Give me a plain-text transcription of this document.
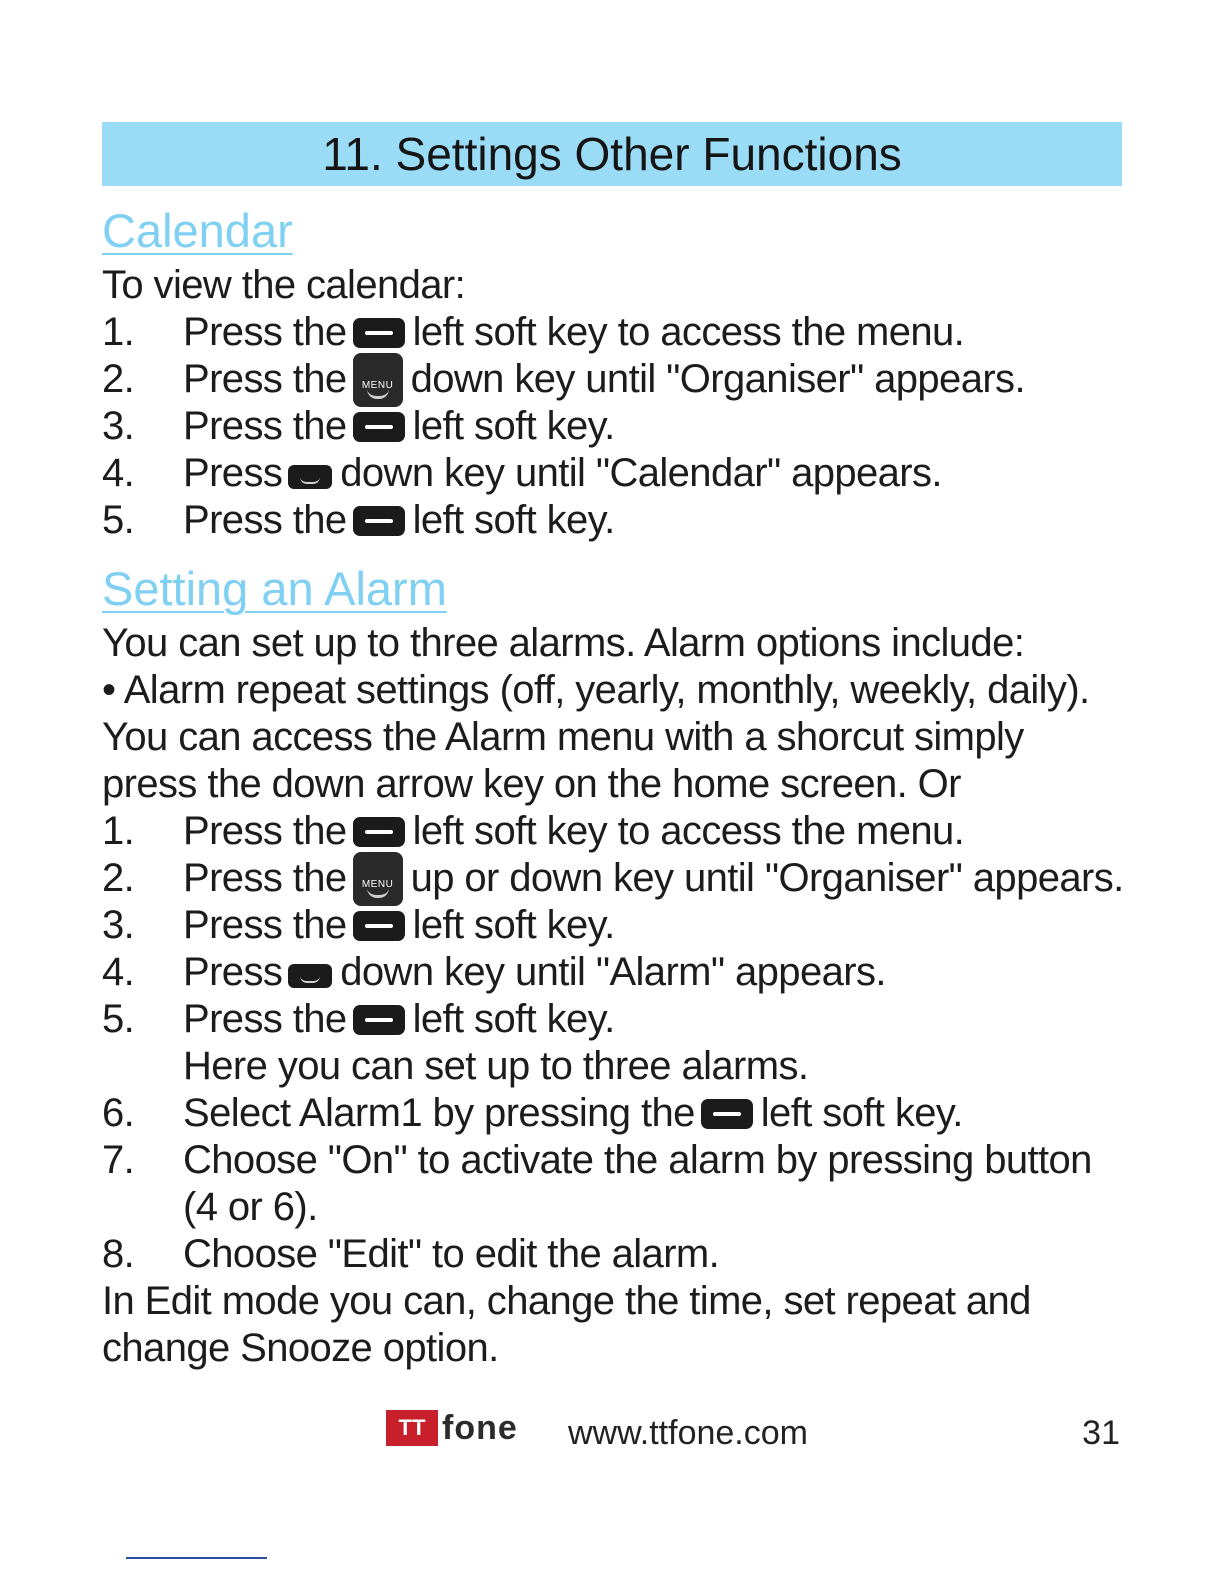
11. Settings Other Functions
Calendar
To view the calendar:
1.	Press the left soft key to access the menu.
2.	Press the	MENU down key until "Organiser" appears.
3.	Press the left soft key.
4.	Press down key until "Calendar" appears.
5.	Press the left soft key.
Setting an Alarm
You can set up to three alarms. Alarm options include:
• Alarm repeat settings (off, yearly, monthly, weekly, daily).
You can access the Alarm menu with a shorcut simply
press the down arrow key on the home screen. Or
1.	Press the left soft key to access the menu.
2.	Press the	MENU up or down key until "Organiser" appears.
3.	Press the left soft key.
4.	Press down key until "Alarm" appears.
5.	Press the left soft key.
Here you can set up to three alarms.
6.	Select Alarm1 by pressing the left soft key.
7.	Choose "On" to activate the alarm by pressing button
(4 or 6).
8.	Choose "Edit" to edit the alarm.
In Edit mode you can, change the time, set repeat and
change Snooze option.
TT fone www.ttfone.com	31
